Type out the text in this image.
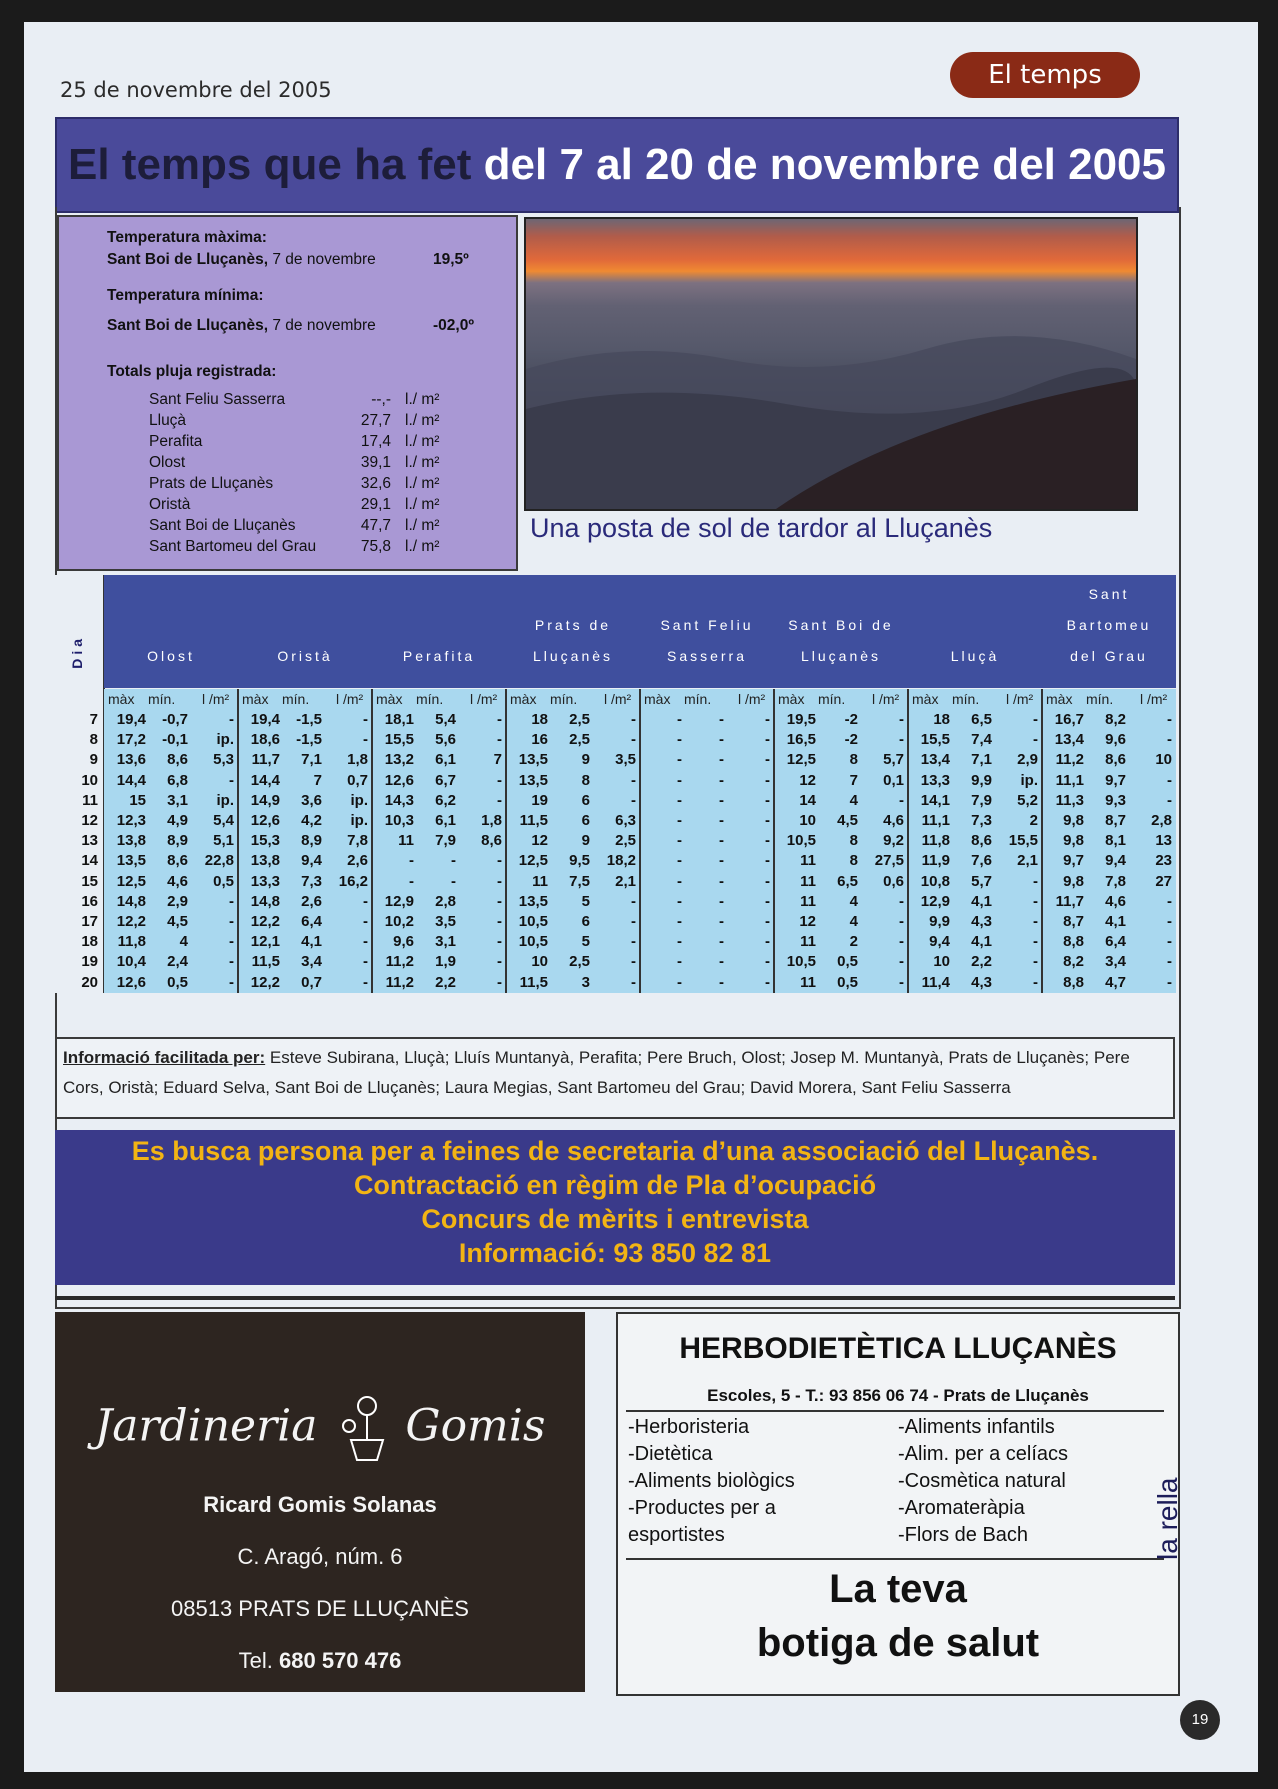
25 de novembre del 2005	El temps
El temps que ha fet del 7 al 20 de novembre del 2005
Temperatura màxima:
Sant Boi de Lluçanès, 7 de novembre	19,5º
Temperatura mínima:
Sant Boi de Lluçanès, 7 de novembre	-02,0º
Totals pluja registrada:
Sant Feliu Sasserra	--,- l./ m²
Lluçà	27,7 l./ m²
Perafita	17,4 l./ m²
Olost	39,1 l./ m²
Prats de Lluçanès	32,6 l./ m²
Oristà	29,1 l./ m²
Sant Boi de Lluçanès	47,7 l./ m²
Sant Bartomeu del Grau	75,8 l./ m²
Una posta de sol de tardor al Lluçanès
Dia	Olost
màx mín. l /m²
Oristà
màx mín. l /m²
Perafita
màx mín. l /m²
Prats de
Lluçanès
màx mín. l /m²
Sant Feliu
Sasserra
màx mín. l /m²
Sant Boi de
Lluçanès
màx mín. l /m²
Lluçà
màx mín. l /m²
Sant
Bartomeu
del Grau
màx mín. l /m²
7	19,4	-0,7	-	19,4	-1,5	-	18,1	5,4	-	18	2,5	-	-	-	-	19,5	-2	-	18	6,5	-	16,7	8,2	-
8	17,2	-0,1	ip.	18,6	-1,5	-	15,5	5,6	-	16	2,5	-	-	-	-	16,5	-2	-	15,5	7,4	-	13,4	9,6	-
9	13,6	8,6	5,3	11,7	7,1	1,8	13,2	6,1	7	13,5	9	3,5	-	-	-	12,5	8	5,7	13,4	7,1	2,9	11,2	8,6	10
10	14,4	6,8	-	14,4	7	0,7	12,6	6,7	-	13,5	8	-	-	-	-	12	7	0,1	13,3	9,9	ip.	11,1	9,7	-
11	15	3,1	ip.	14,9	3,6	ip.	14,3	6,2	-	19	6	-	-	-	-	14	4	-	14,1	7,9	5,2	11,3	9,3	-
12	12,3	4,9	5,4	12,6	4,2	ip.	10,3	6,1	1,8	11,5	6	6,3	-	-	-	10	4,5	4,6	11,1	7,3	2	9,8	8,7	2,8
13	13,8	8,9	5,1	15,3	8,9	7,8	11	7,9	8,6	12	9	2,5	-	-	-	10,5	8	9,2	11,8	8,6	15,5	9,8	8,1	13
14	13,5	8,6	22,8	13,8	9,4	2,6	-	-	-	12,5	9,5	18,2	-	-	-	11	8	27,5	11,9	7,6	2,1	9,7	9,4	23
15	12,5	4,6	0,5	13,3	7,3	16,2	-	-	-	11	7,5	2,1	-	-	-	11	6,5	0,6	10,8	5,7	-	9,8	7,8	27
16	14,8	2,9	-	14,8	2,6	-	12,9	2,8	-	13,5	5	-	-	-	-	11	4	-	12,9	4,1	-	11,7	4,6	-
17	12,2	4,5	-	12,2	6,4	-	10,2	3,5	-	10,5	6	-	-	-	-	12	4	-	9,9	4,3	-	8,7	4,1	-
18	11,8	4	-	12,1	4,1	-	9,6	3,1	-	10,5	5	-	-	-	-	11	2	-	9,4	4,1	-	8,8	6,4	-
19	10,4	2,4	-	11,5	3,4	-	11,2	1,9	-	10	2,5	-	-	-	-	10,5	0,5	-	10	2,2	-	8,2	3,4	-
20	12,6	0,5	-	12,2	0,7	-	11,2	2,2	-	11,5	3	-	-	-	-	11	0,5	-	11,4	4,3	-	8,8	4,7	-
Informació facilitada per: Esteve Subirana, Lluçà; Lluís Muntanyà, Perafita; Pere Bruch, Olost; Josep M. Muntanyà, Prats de Lluçanès; Pere Cors, Oristà; Eduard Selva, Sant Boi de Lluçanès; Laura Megias, Sant Bartomeu del Grau; David Morera, Sant Feliu Sasserra
Es busca persona per a feines de secretaria d’una associació del Lluçanès.
Contractació en règim de Pla d’ocupació
Concurs de mèrits i entrevista
Informació: 93 850 82 81
Jardineria Gomis
Ricard Gomis Solanas
C. Aragó, núm. 6
08513 PRATS DE LLUÇANÈS
Tel. 680 570 476
HERBODIETÈTICA LLUÇANÈS
Escoles, 5 - T.: 93 856 06 74 - Prats de Lluçanès
-Herboristeria
-Dietètica
-Aliments biològics
-Productes per a
esportistes
-Aliments infantils
-Alim. per a celíacs
-Cosmètica natural
-Aromateràpia
-Flors de Bach
La teva
botiga de salut
la rella
19
